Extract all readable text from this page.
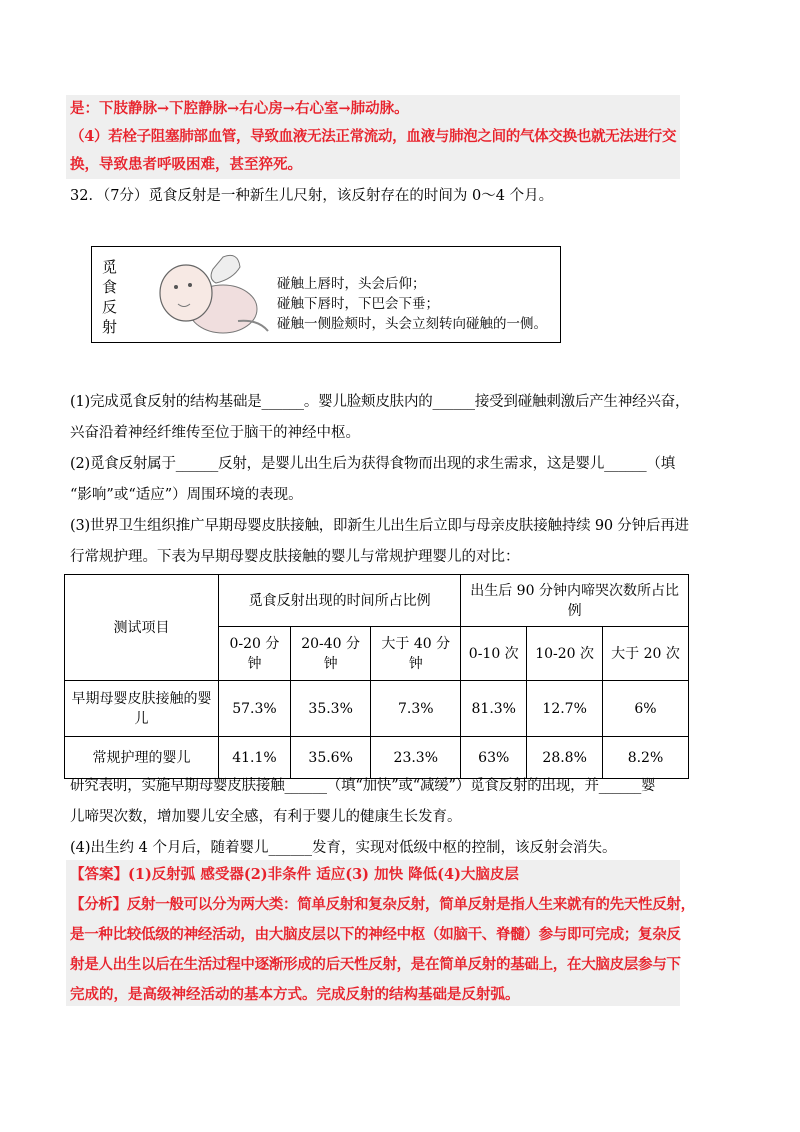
是：下肢静脉→下腔静脉→右心房→右心室→肺动脉。
（4）若栓子阻塞肺部血管，导致血液无法正常流动，血液与肺泡之间的气体交换也就无法进行交
换，导致患者呼吸困难，甚至猝死。
32．（7分）觅食反射是一种新生儿尺射，该反射存在的时间为 0～4 个月。
觅
食
反
射
碰触上唇时，头会后仰；
碰触下唇时，下巴会下垂；
碰触一侧脸颊时，头会立刻转向碰触的一侧。
(1)完成觅食反射的结构基础是______。婴儿脸颊皮肤内的______接受到碰触刺激后产生神经兴奋，
兴奋沿着神经纤维传至位于脑干的神经中枢。
(2)觅食反射属于______反射，是婴儿出生后为获得食物而出现的求生需求，这是婴儿______（填
“影响”或“适应”）周围环境的表现。
(3)世界卫生组织推广早期母婴皮肤接触，即新生儿出生后立即与母亲皮肤接触持续 90 分钟后再进
行常规护理。下表为早期母婴皮肤接触的婴儿与常规护理婴儿的对比：
测试项目	觅食反射出现的时间所占比例			出生后 90 分钟内啼哭次数所占比例		
	0-20 分钟	20-40 分钟	大于 40 分钟	0-10 次	10-20 次	大于 20 次
早期母婴皮肤接触的婴儿	57.3%	35.3%	7.3%	81.3%	12.7%	6%
常规护理的婴儿	41.1%	35.6%	23.3%	63%	28.8%	8.2%
研究表明，实施早期母婴皮肤接触______（填“加快”或“减缓”）觅食反射的出现，并______婴
儿啼哭次数，增加婴儿安全感，有利于婴儿的健康生长发育。
(4)出生约 4 个月后，随着婴儿______发育，实现对低级中枢的控制，该反射会消失。
【答案】(1)反射弧 感受器(2)非条件 适应(3) 加快 降低(4)大脑皮层
【分析】反射一般可以分为两大类：简单反射和复杂反射，简单反射是指人生来就有的先天性反射，
是一种比较低级的神经活动，由大脑皮层以下的神经中枢（如脑干、脊髓）参与即可完成；复杂反
射是人出生以后在生活过程中逐渐形成的后天性反射，是在简单反射的基础上，在大脑皮层参与下
完成的，是高级神经活动的基本方式。完成反射的结构基础是反射弧。
